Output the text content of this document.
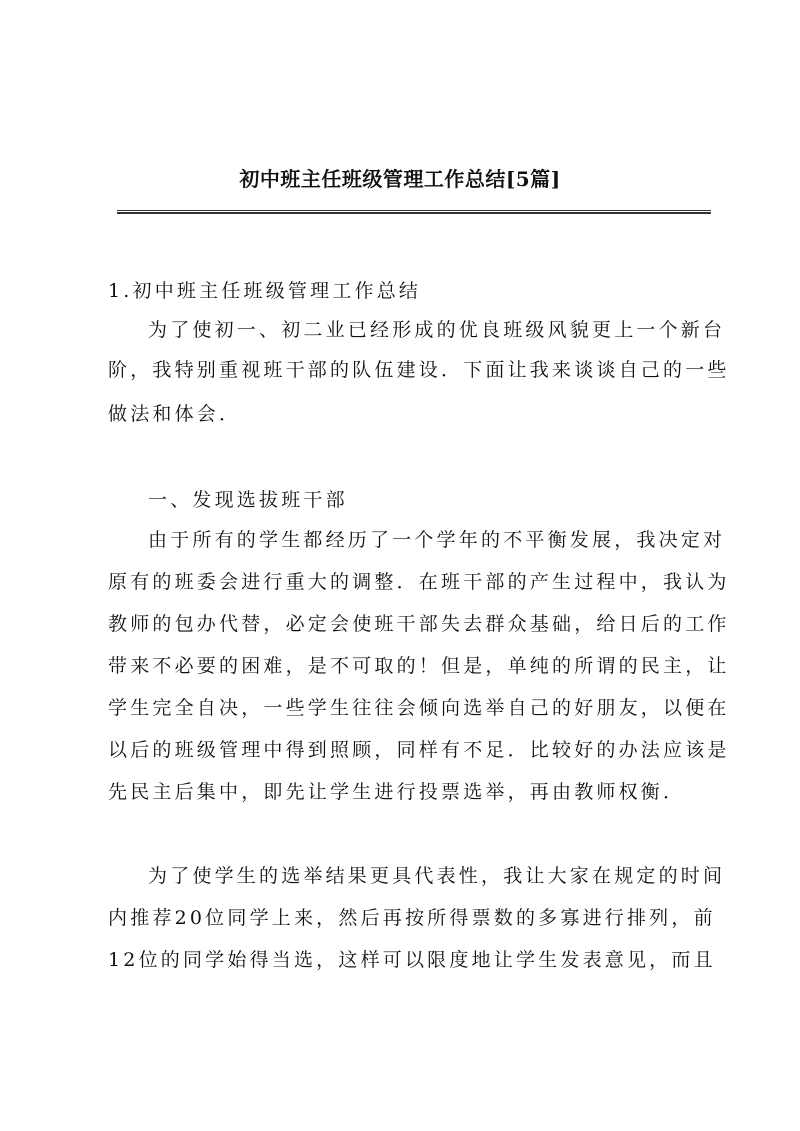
初中班主任班级管理工作总结[5篇]
1.初中班主任班级管理工作总结
为了使初一、初二业已经形成的优良班级风貌更上一个新台
阶，我特别重视班干部的队伍建设．下面让我来谈谈自己的一些
做法和体会．
一、发现选拔班干部
由于所有的学生都经历了一个学年的不平衡发展，我决定对
原有的班委会进行重大的调整．在班干部的产生过程中，我认为
教师的包办代替，必定会使班干部失去群众基础，给日后的工作
带来不必要的困难，是不可取的！但是，单纯的所谓的民主，让
学生完全自决，一些学生往往会倾向选举自己的好朋友，以便在
以后的班级管理中得到照顾，同样有不足．比较好的办法应该是
先民主后集中，即先让学生进行投票选举，再由教师权衡．
为了使学生的选举结果更具代表性，我让大家在规定的时间
内推荐20位同学上来，然后再按所得票数的多寡进行排列，前
12位的同学始得当选，这样可以限度地让学生发表意见，而且
